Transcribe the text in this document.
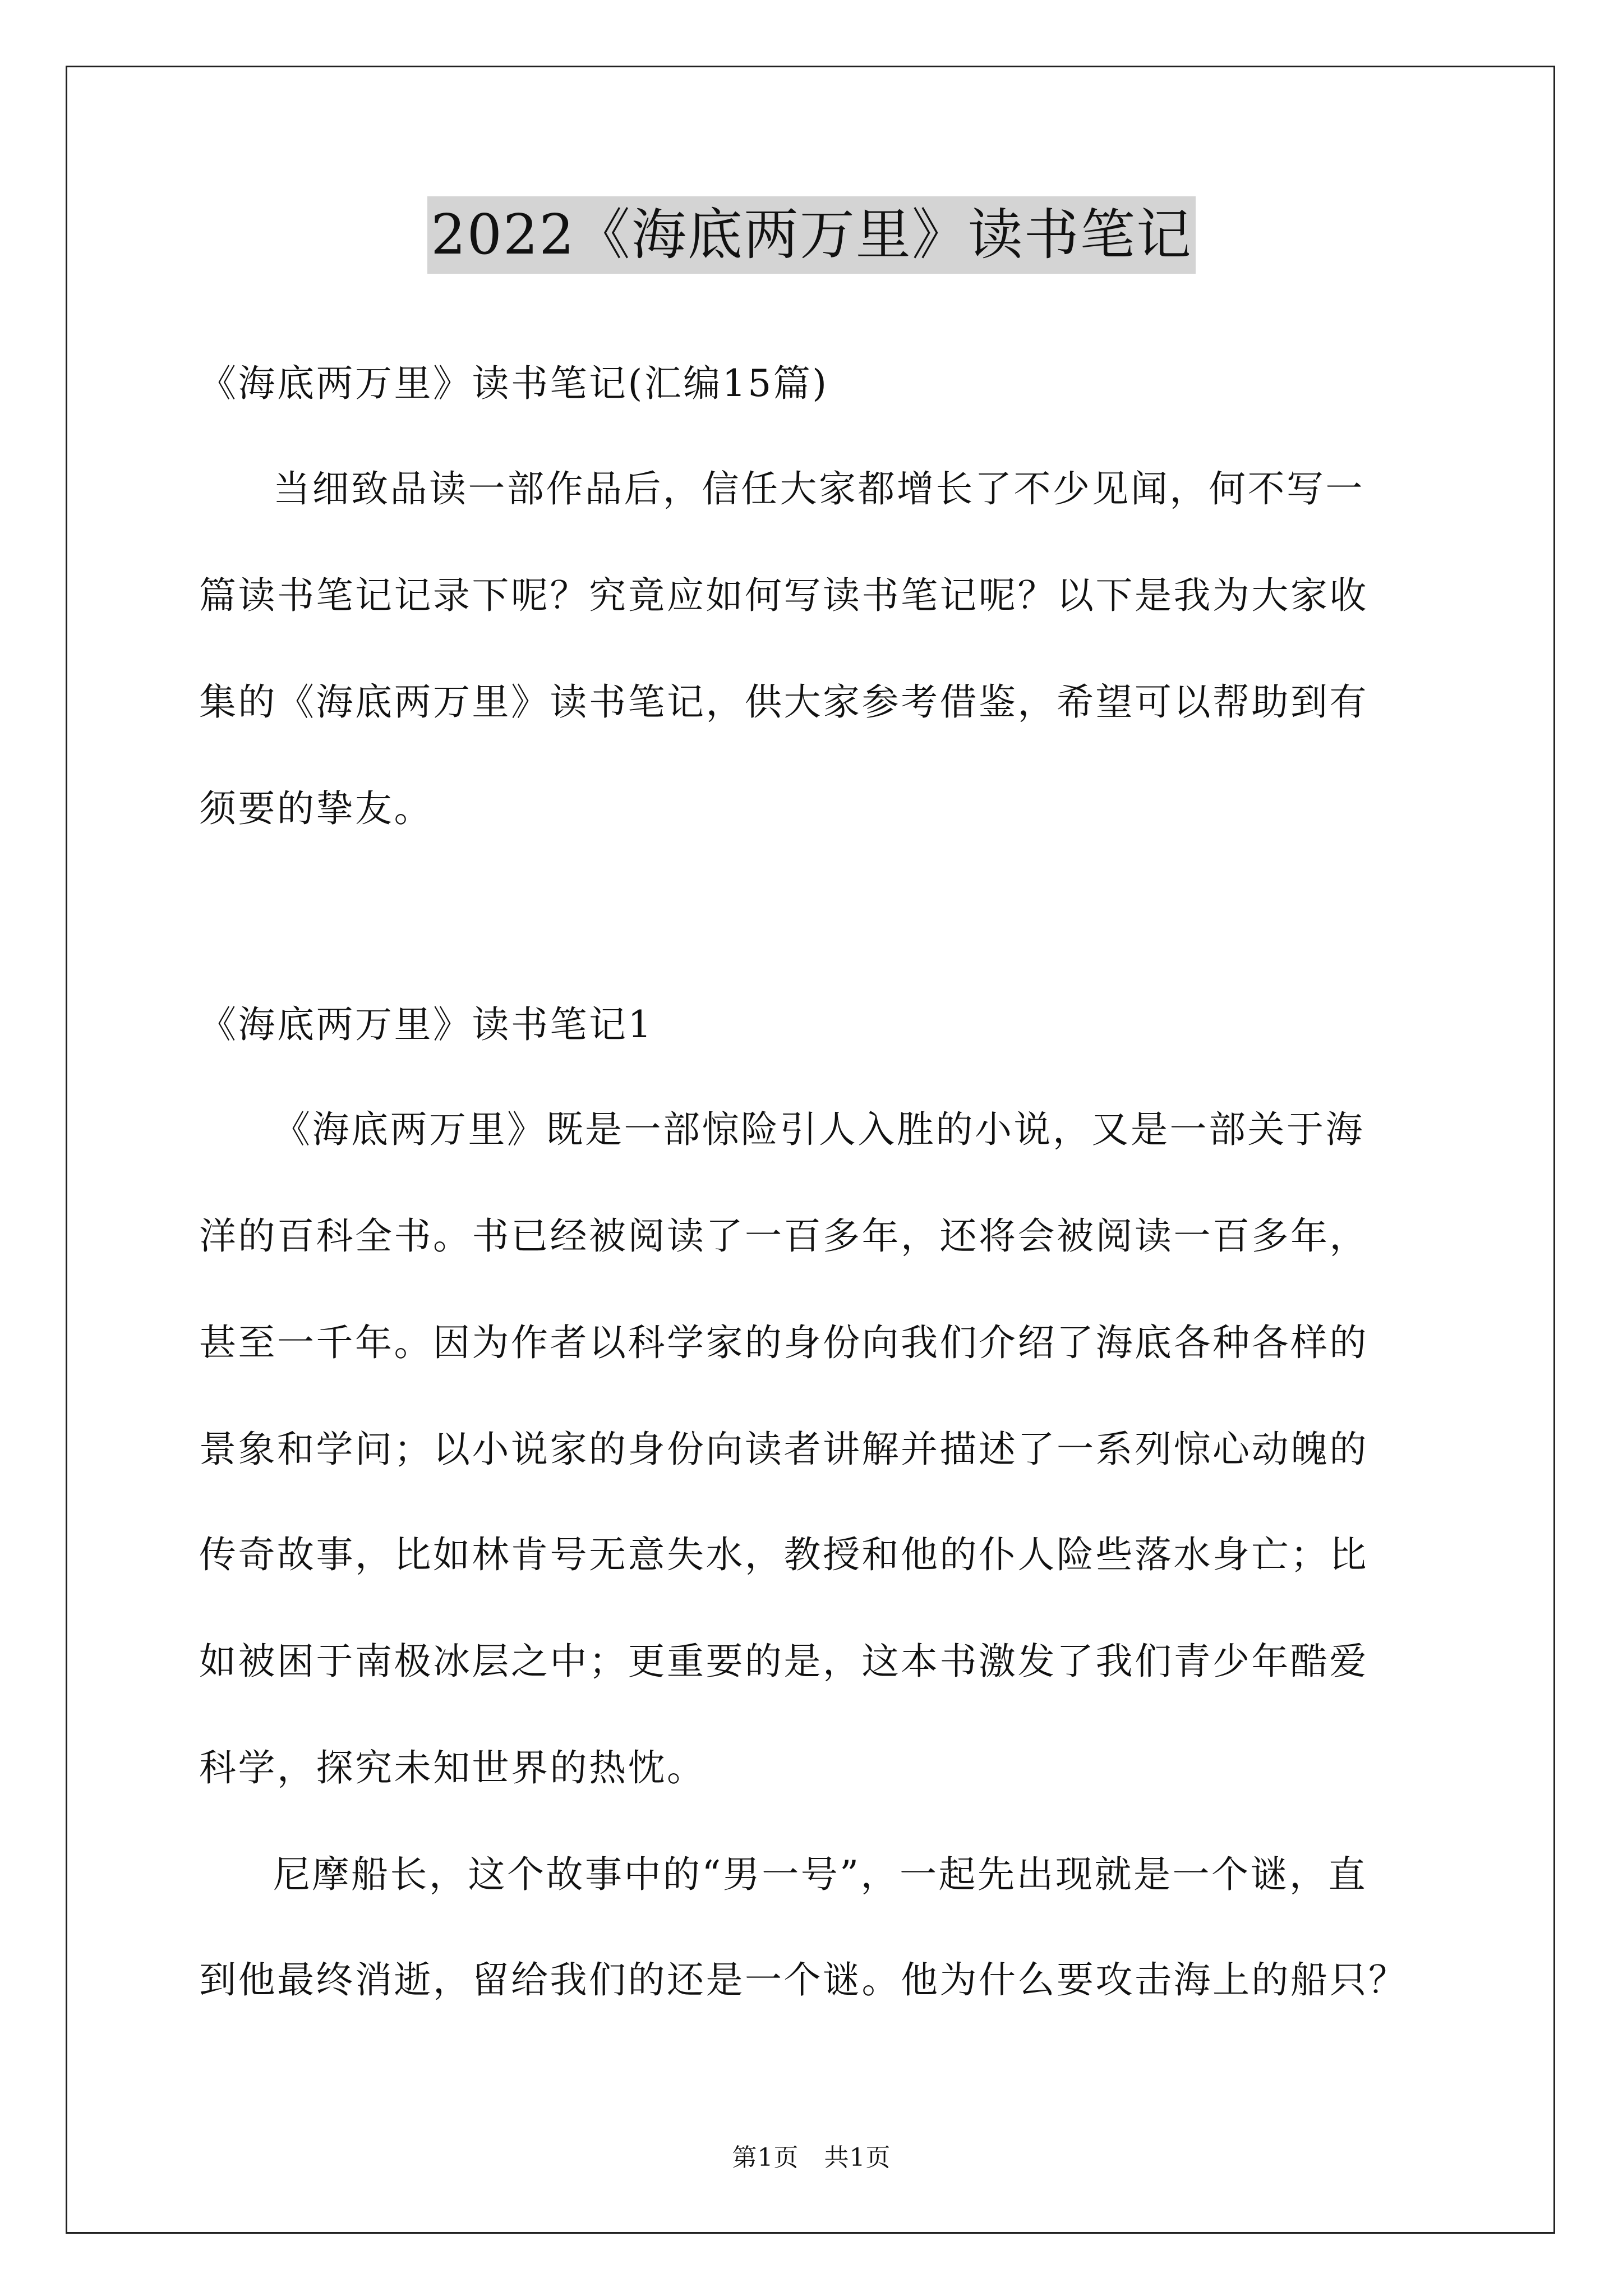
2022《海底两万里》读书笔记
《海底两万里》读书笔记(汇编15篇)
当细致品读一部作品后，信任大家都增长了不少见闻，何不写一
篇读书笔记记录下呢？究竟应如何写读书笔记呢？以下是我为大家收
集的《海底两万里》读书笔记，供大家参考借鉴，希望可以帮助到有
须要的挚友。
《海底两万里》读书笔记1
《海底两万里》既是一部惊险引人入胜的小说，又是一部关于海
洋的百科全书。书已经被阅读了一百多年，还将会被阅读一百多年，
甚至一千年。因为作者以科学家的身份向我们介绍了海底各种各样的
景象和学问；以小说家的身份向读者讲解并描述了一系列惊心动魄的
传奇故事，比如林肯号无意失水，教授和他的仆人险些落水身亡；比
如被困于南极冰层之中；更重要的是，这本书激发了我们青少年酷爱
科学，探究未知世界的热忱。
尼摩船长，这个故事中的“男一号”，一起先出现就是一个谜，直
到他最终消逝，留给我们的还是一个谜。他为什么要攻击海上的船只？
第1页　共1页
